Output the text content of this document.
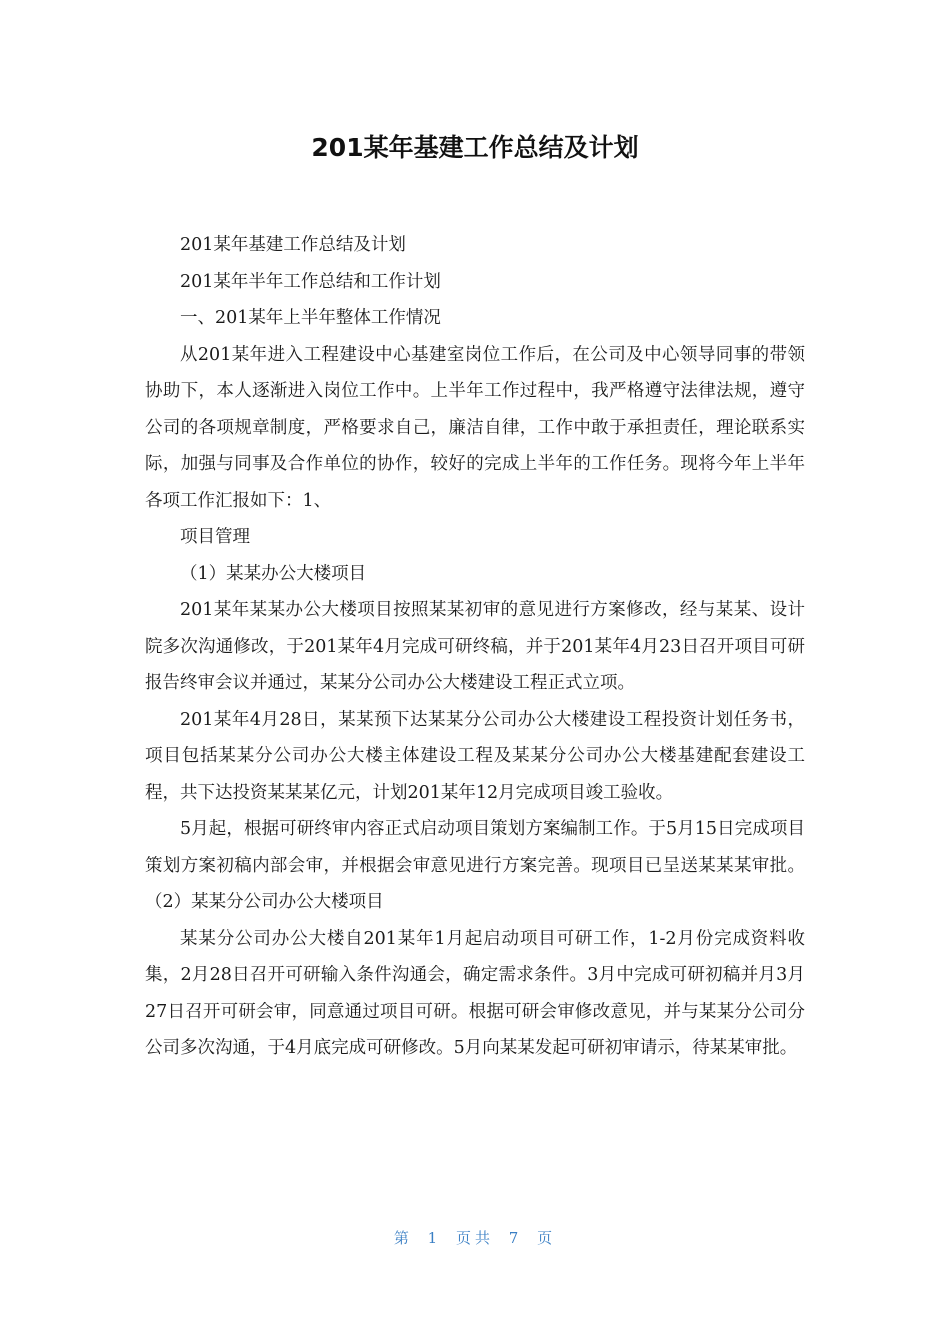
201某年基建工作总结及计划

201某年基建工作总结及计划

201某年半年工作总结和工作计划

一、201某年上半年整体工作情况

从201某年进入工程建设中心基建室岗位工作后，在公司及中心领导同事的带领协助下，本人逐渐进入岗位工作中。上半年工作过程中，我严格遵守法律法规，遵守公司的各项规章制度，严格要求自己，廉洁自律，工作中敢于承担责任，理论联系实际，加强与同事及合作单位的协作，较好的完成上半年的工作任务。现将今年上半年各项工作汇报如下：1、

项目管理

（1）某某办公大楼项目

201某年某某办公大楼项目按照某某初审的意见进行方案修改，经与某某、设计院多次沟通修改，于201某年4月完成可研终稿，并于201某年4月23日召开项目可研报告终审会议并通过，某某分公司办公大楼建设工程正式立项。

201某年4月28日，某某预下达某某分公司办公大楼建设工程投资计划任务书，项目包括某某分公司办公大楼主体建设工程及某某分公司办公大楼基建配套建设工程，共下达投资某某某亿元，计划201某年12月完成项目竣工验收。

5月起，根据可研终审内容正式启动项目策划方案编制工作。于5月15日完成项目策划方案初稿内部会审，并根据会审意见进行方案完善。现项目已呈送某某某审批。（2）某某分公司办公大楼项目

某某分公司办公大楼自201某年1月起启动项目可研工作，1-2月份完成资料收集，2月28日召开可研输入条件沟通会，确定需求条件。3月中完成可研初稿并月3月27日召开可研会审，同意通过项目可研。根据可研会审修改意见，并与某某分公司分公司多次沟通，于4月底完成可研修改。5月向某某发起可研初审请示，待某某审批。

第 1 页共 7 页
